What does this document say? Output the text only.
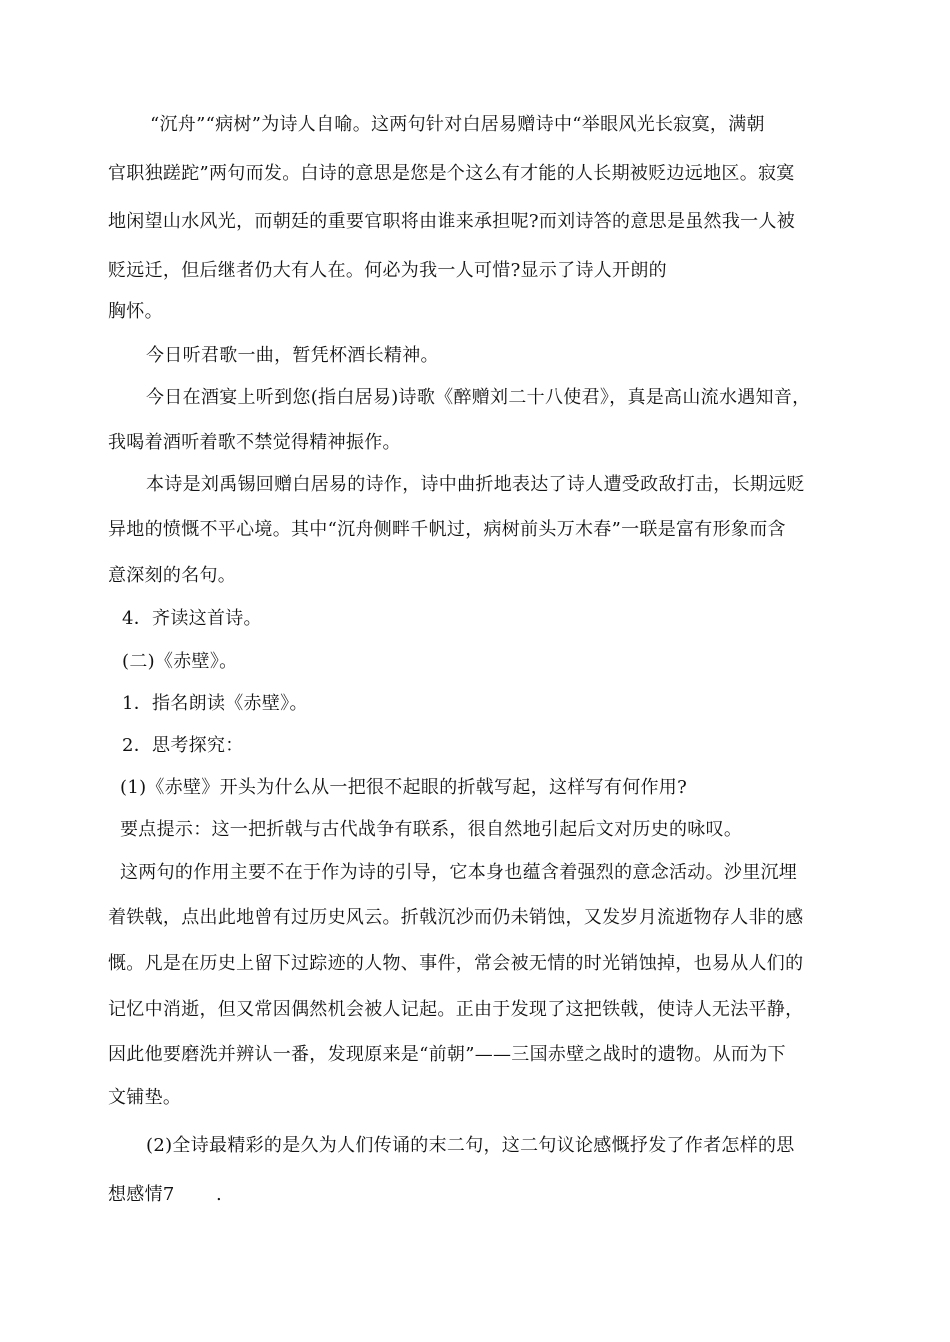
“沉舟”“病树”为诗人自喻。这两句针对白居易赠诗中“举眼风光长寂寞，满朝
官职独蹉跎”两句而发。白诗的意思是您是个这么有才能的人长期被贬边远地区。寂寞
地闲望山水风光，而朝廷的重要官职将由谁来承担呢?而刘诗答的意思是虽然我一人被
贬远迁，但后继者仍大有人在。何必为我一人可惜?显示了诗人开朗的
胸怀。
今日听君歌一曲，暂凭杯酒长精神。
今日在酒宴上听到您(指白居易)诗歌《醉赠刘二十八使君》，真是高山流水遇知音，
我喝着酒听着歌不禁觉得精神振作。
本诗是刘禹锡回赠白居易的诗作，诗中曲折地表达了诗人遭受政敌打击，长期远贬
异地的愤慨不平心境。其中“沉舟侧畔千帆过，病树前头万木春”一联是富有形象而含
意深刻的名句。
4．齐读这首诗。
(二)《赤壁》。
1．指名朗读《赤壁》。
2．思考探究：
(1)《赤壁》开头为什么从一把很不起眼的折戟写起，这样写有何作用?
要点提示：这一把折戟与古代战争有联系，很自然地引起后文对历史的咏叹。
这两句的作用主要不在于作为诗的引导，它本身也蕴含着强烈的意念活动。沙里沉埋
着铁戟，点出此地曾有过历史风云。折戟沉沙而仍未销蚀，又发岁月流逝物存人非的感
慨。凡是在历史上留下过踪迹的人物、事件，常会被无情的时光销蚀掉，也易从人们的
记忆中消逝，但又常因偶然机会被人记起。正由于发现了这把铁戟，使诗人无法平静，
因此他要磨洗并辨认一番，发现原来是“前朝”——三国赤壁之战时的遗物。从而为下
文铺垫。
(2)全诗最精彩的是久为人们传诵的末二句，这二句议论感慨抒发了作者怎样的思
想感情7 .
